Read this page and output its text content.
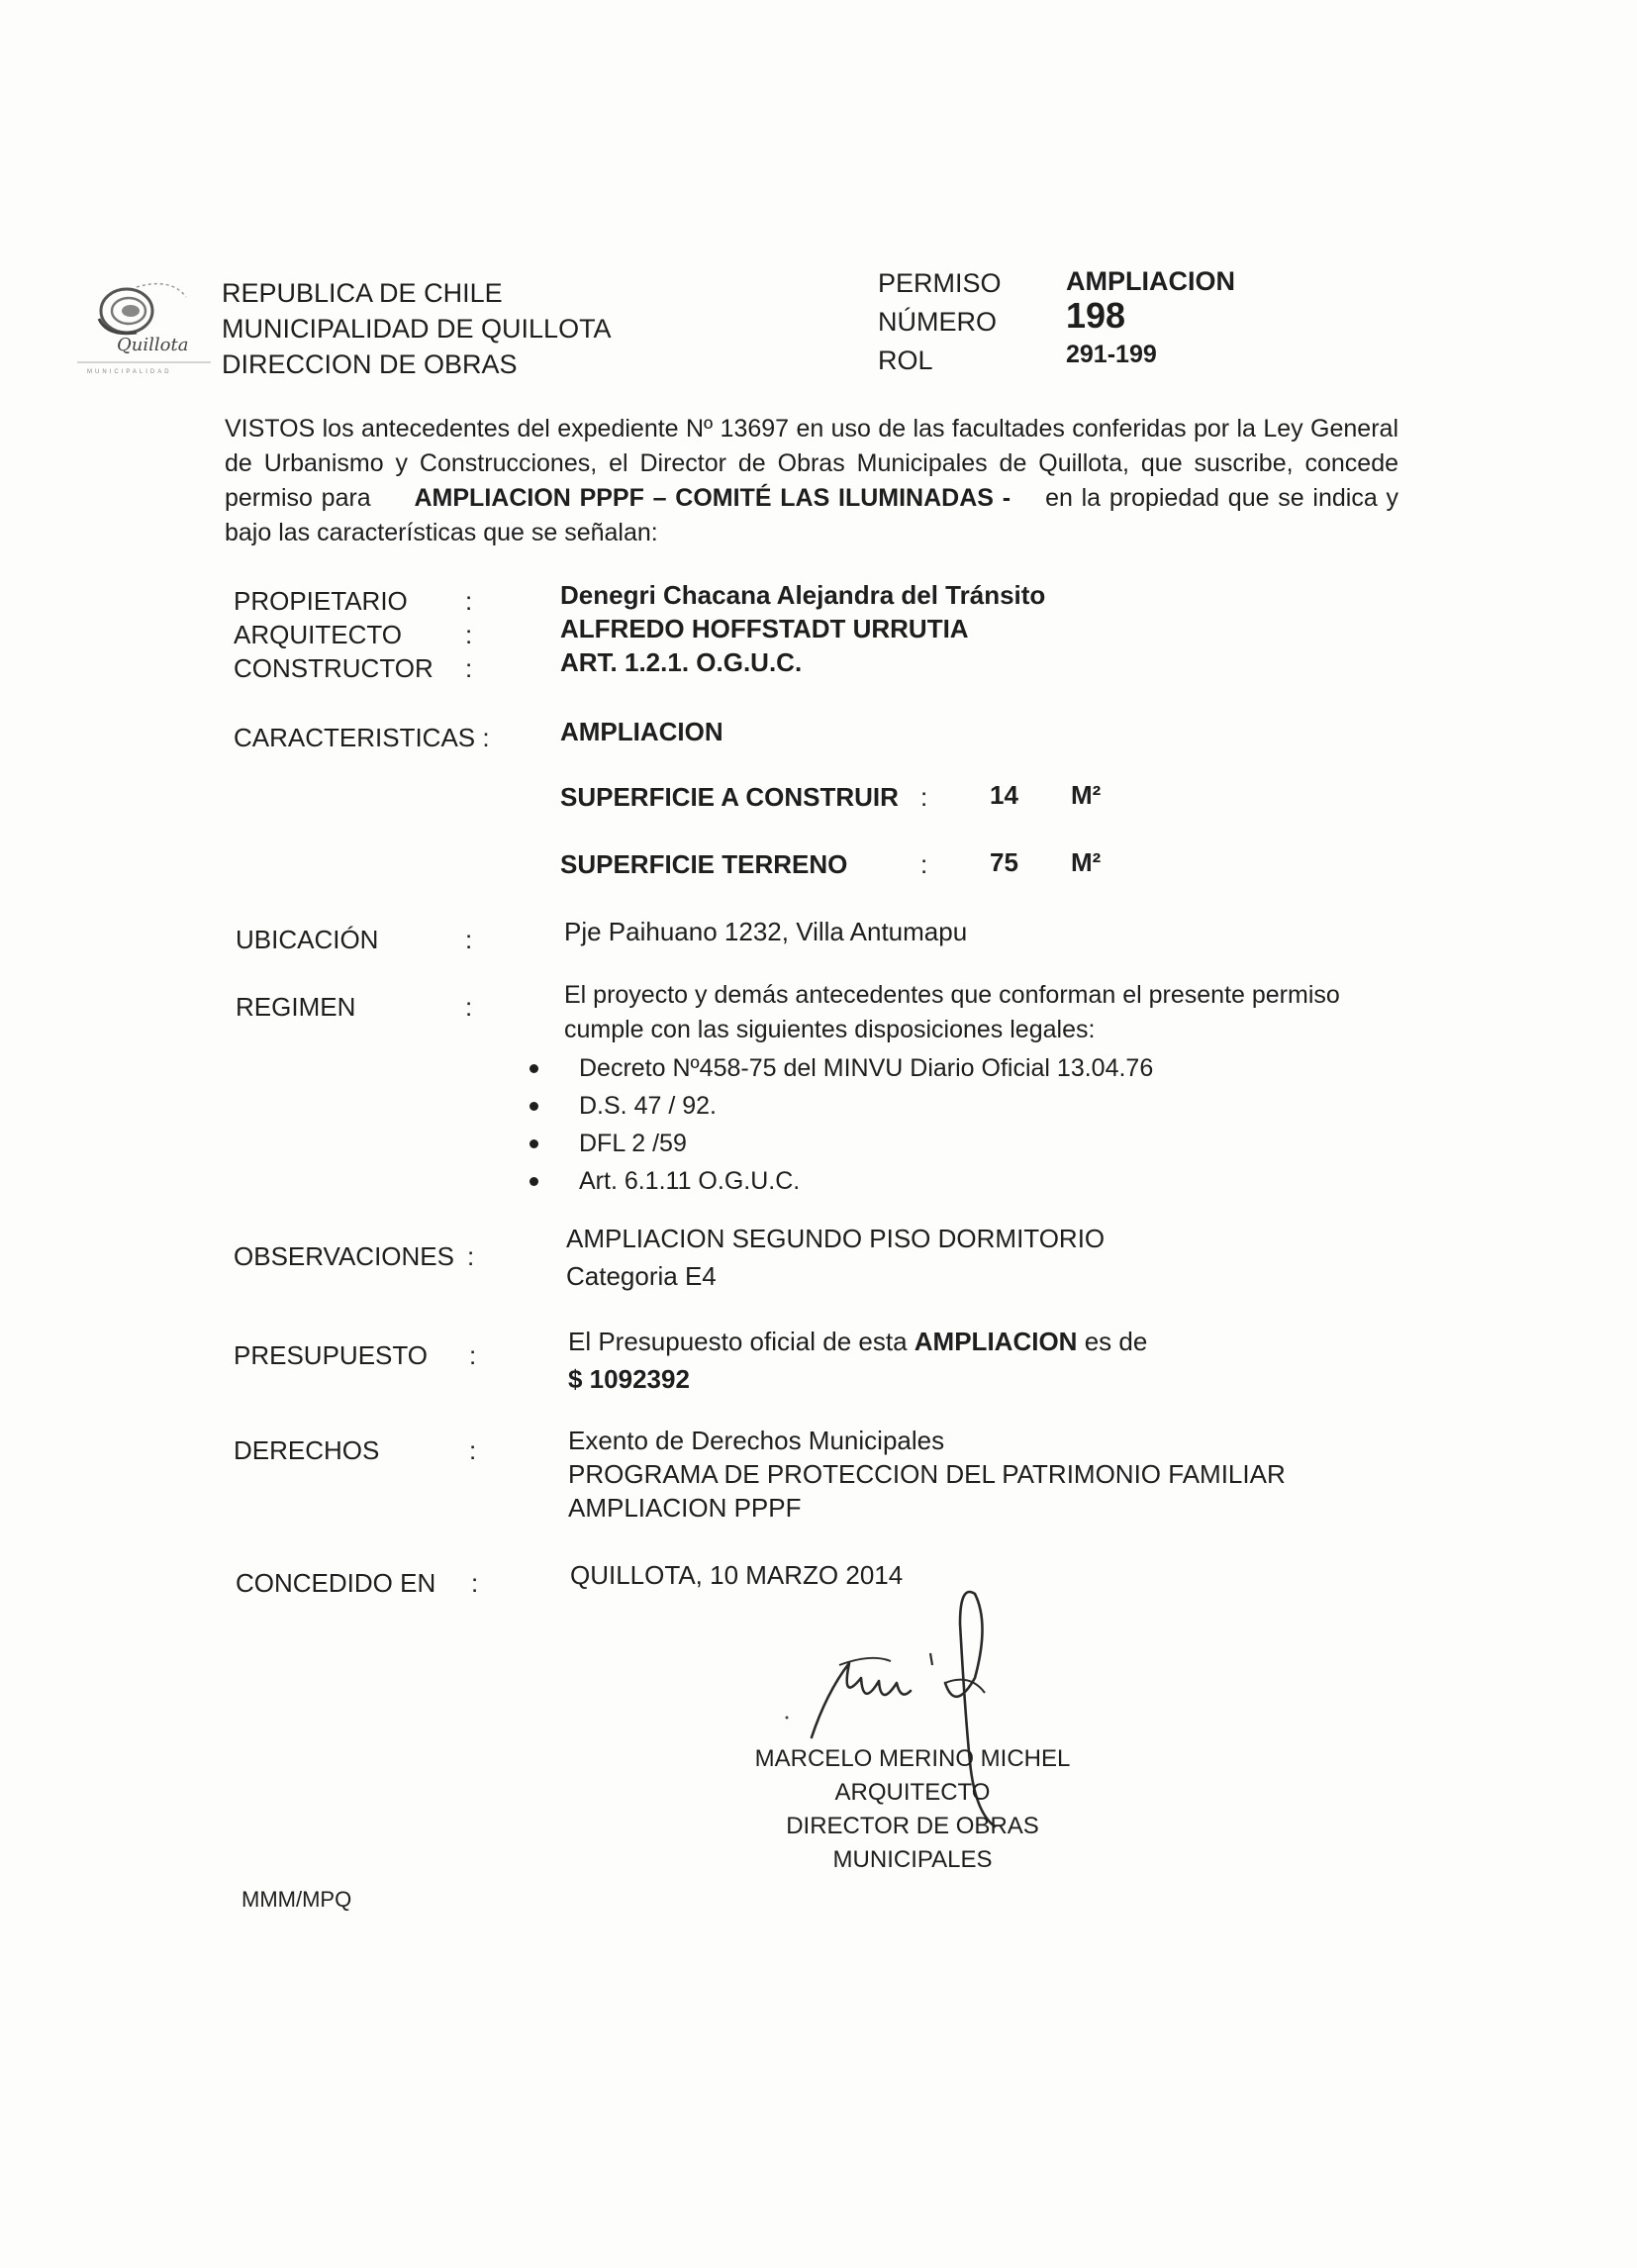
Quillota
MUNICIPALIDAD
REPUBLICA DE CHILE
MUNICIPALIDAD DE QUILLOTA
DIRECCION DE OBRAS
PERMISO AMPLIACION
NÚMERO 198
ROL	291-199
VISTOS los antecedentes del expediente Nº 13697 en uso de las facultades conferidas por la Ley General de Urbanismo y Construcciones, el Director de Obras Municipales de Quillota, que suscribe, concede permiso para AMPLIACION PPPF – COMITÉ LAS ILUMINADAS - en la propiedad que se indica y bajo las características que se señalan:
PROPIETARIO :	Denegri Chacana Alejandra del Tránsito
ARQUITECTO :	ALFREDO HOFFSTADT URRUTIA
CONSTRUCTOR :	ART. 1.2.1. O.G.U.C.
CARACTERISTICAS :	AMPLIACION
SUPERFICIE A CONSTRUIR : 14 M²
SUPERFICIE TERRENO	: 75 M²
UBICACIÓN	:	Pje Paihuano 1232, Villa Antumapu
REGIMEN	:	El proyecto y demás antecedentes que conforman el presente permiso cumple con las siguientes disposiciones legales:
Decreto Nº458-75 del MINVU Diario Oficial 13.04.76
D.S. 47 / 92.
DFL 2 /59
Art. 6.1.11 O.G.U.C.
OBSERVACIONES :
AMPLIACION SEGUNDO PISO DORMITORIO
Categoria E4
PRESUPUESTO :	El Presupuesto oficial de esta AMPLIACION es de
$ 1092392
DERECHOS	:	Exento de Derechos Municipales
PROGRAMA DE PROTECCION DEL PATRIMONIO FAMILIAR
AMPLIACION PPPF
CONCEDIDO EN :	QUILLOTA, 10 MARZO 2014
MARCELO MERINO MICHEL
ARQUITECTO
DIRECTOR DE OBRAS MUNICIPALES
MMM/MPQ
